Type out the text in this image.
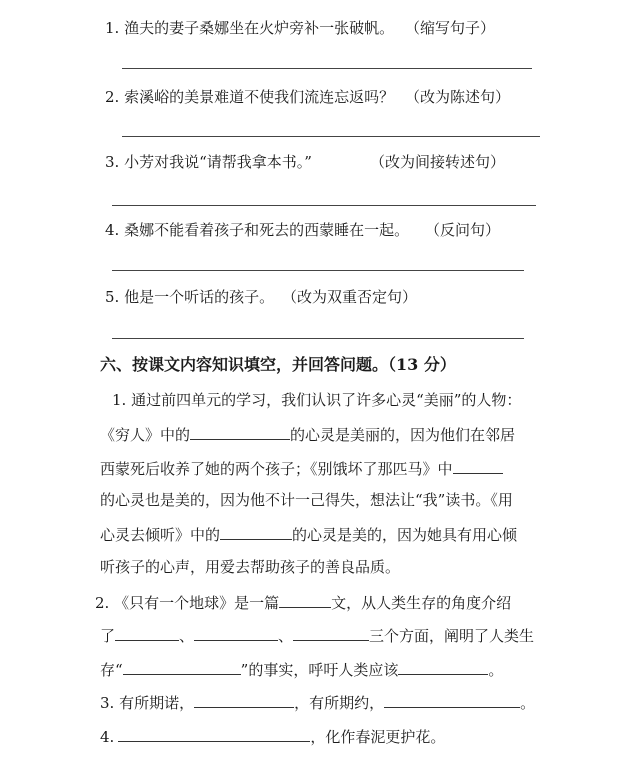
1. 渔夫的妻子桑娜坐在火炉旁补一张破帆。 （缩写句子）
2. 索溪峪的美景难道不使我们流连忘返吗？ （改为陈述句）
3. 小芳对我说“请帮我拿本书。”	（改为间接转述句）
4. 桑娜不能看着孩子和死去的西蒙睡在一起。 （反问句）
5. 他是一个听话的孩子。 （改为双重否定句）
六、按课文内容知识填空，并回答问题。（13 分）
1. 通过前四单元的学习，我们认识了许多心灵“美丽”的人物：
《穷人》中的	的心灵是美丽的，因为他们在邻居
西蒙死后收养了她的两个孩子；《别饿坏了那匹马》中
的心灵也是美的，因为他不计一己得失，想法让“我”读书。《用
心灵去倾听》中的	的心灵是美的，因为她具有用心倾
听孩子的心声，用爱去帮助孩子的善良品质。
2. 《只有一个地球》是一篇	文，从人类生存的角度介绍
了	、	、	三个方面，阐明了人类生
存“	”的事实，呼吁人类应该	。
3. 有所期诺，	，有所期约，	。
4.	，化作春泥更护花。
